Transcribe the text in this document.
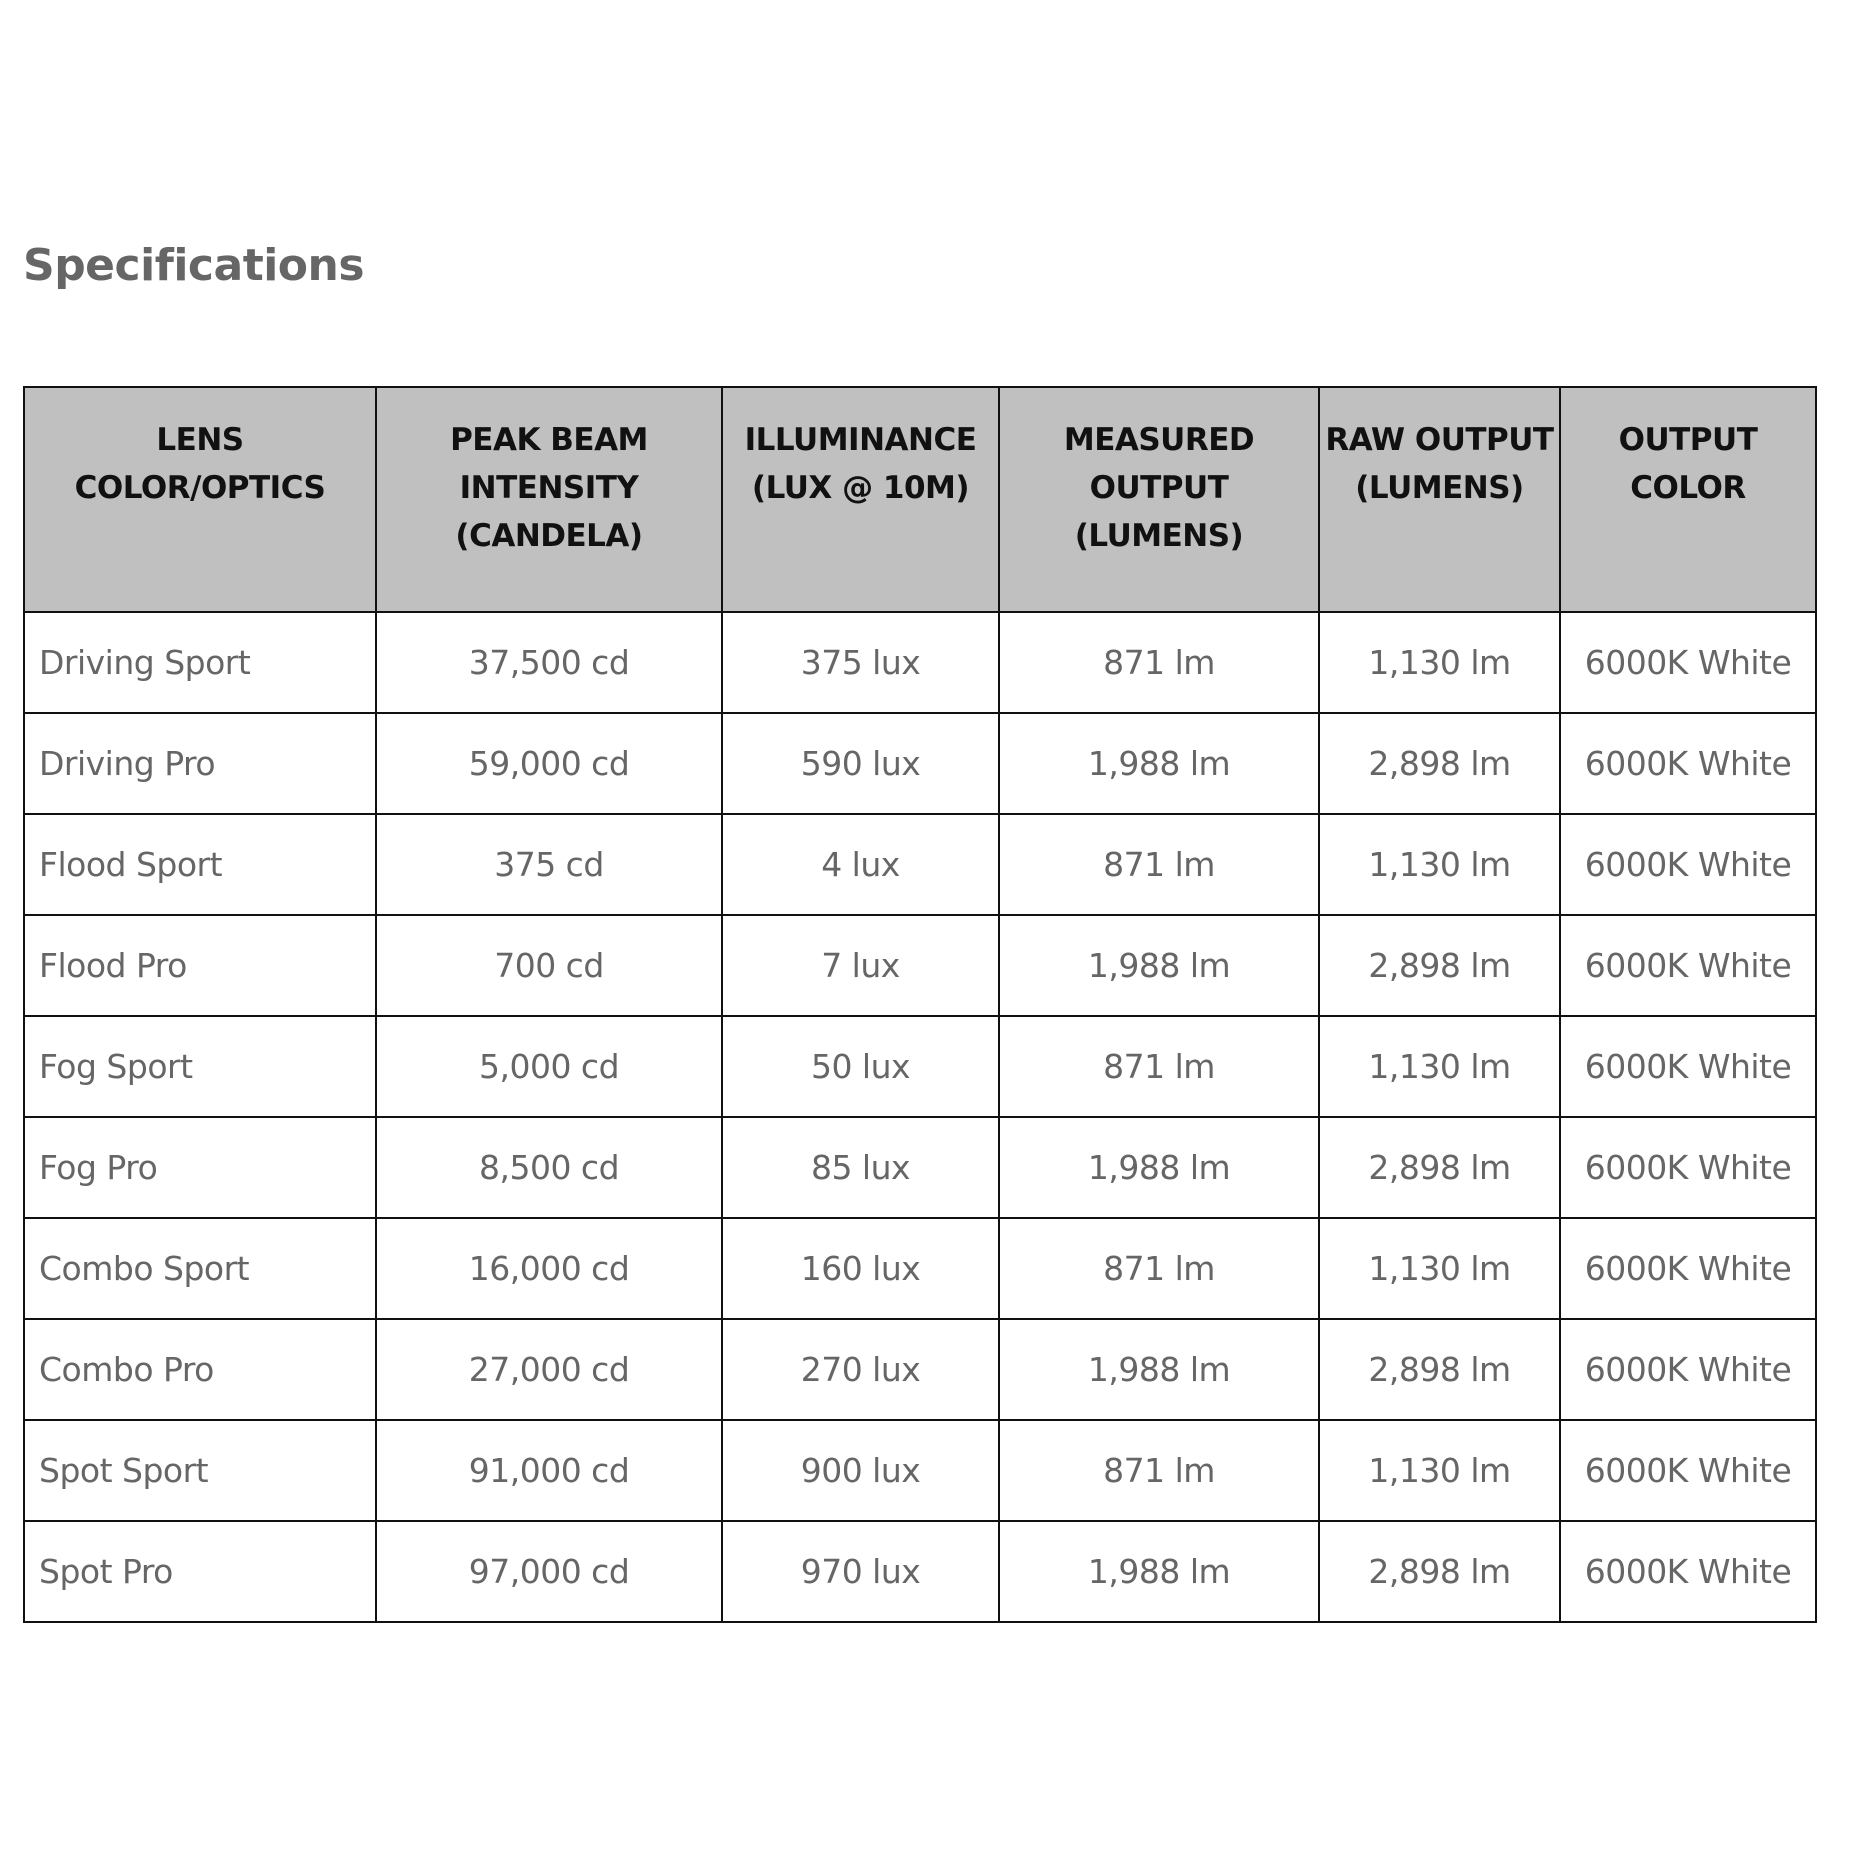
Specifications
LENS COLOR/OPTICS	PEAK BEAM INTENSITY (CANDELA)	ILLUMINANCE (LUX @ 10M)	MEASURED OUTPUT (LUMENS)	RAW OUTPUT (LUMENS)	OUTPUT COLOR
Driving Sport	37,500 cd	375 lux	871 lm	1,130 lm	6000K White
Driving Pro	59,000 cd	590 lux	1,988 lm	2,898 lm	6000K White
Flood Sport	375 cd	4 lux	871 lm	1,130 lm	6000K White
Flood Pro	700 cd	7 lux	1,988 lm	2,898 lm	6000K White
Fog Sport	5,000 cd	50 lux	871 lm	1,130 lm	6000K White
Fog Pro	8,500 cd	85 lux	1,988 lm	2,898 lm	6000K White
Combo Sport	16,000 cd	160 lux	871 lm	1,130 lm	6000K White
Combo Pro	27,000 cd	270 lux	1,988 lm	2,898 lm	6000K White
Spot Sport	91,000 cd	900 lux	871 lm	1,130 lm	6000K White
Spot Pro	97,000 cd	970 lux	1,988 lm	2,898 lm	6000K White
